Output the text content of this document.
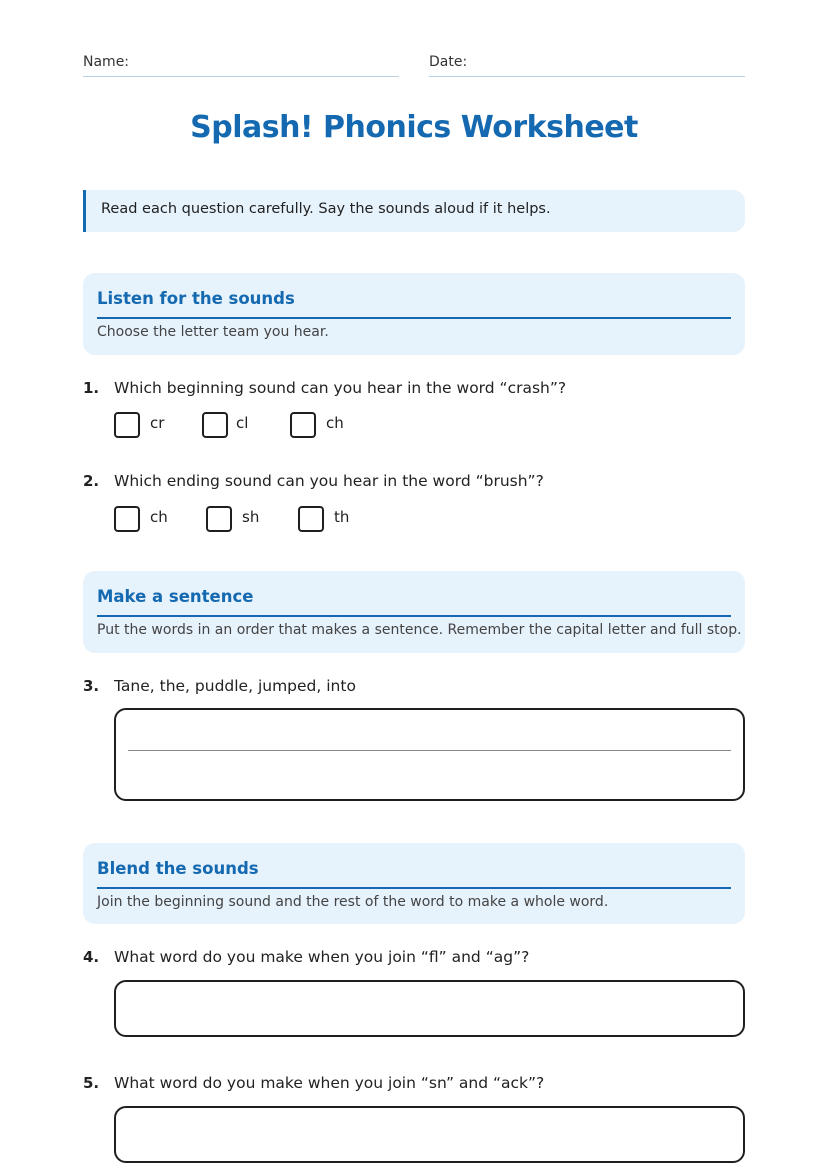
Name:	Date:
Splash! Phonics Worksheet
Read each question carefully. Say the sounds aloud if it helps.
Listen for the sounds
Choose the letter team you hear.
1. Which beginning sound can you hear in the word “crash”?
cr	cl	ch
2. Which ending sound can you hear in the word “brush”?
ch	sh	th
Make a sentence
Put the words in an order that makes a sentence. Remember the capital letter and full stop.
3. Tane, the, puddle, jumped, into
Blend the sounds
Join the beginning sound and the rest of the word to make a whole word.
4. What word do you make when you join “fl” and “ag”?
5. What word do you make when you join “sn” and “ack”?
